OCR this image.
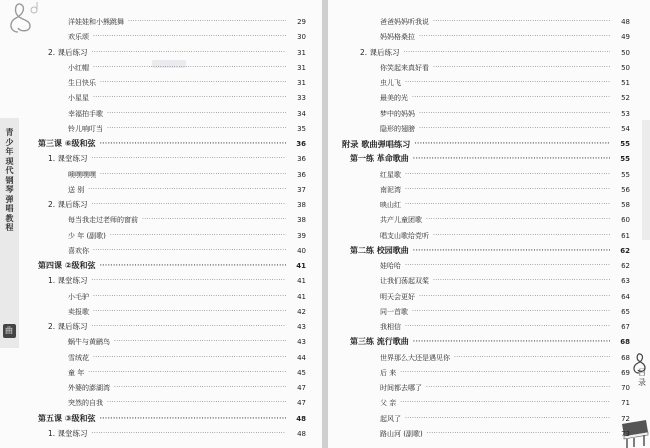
青少年现代钢琴弹唱教程
曲
洋娃娃和小熊跳舞 ·····	29
欢乐颂 ·····	30
2. 课后练习 ·····	31
小红帽 ·····	31
生日快乐 ·····	31
小星星 ·····	33
幸福拍手歌 ·····	34
铃儿响叮当 ·····	35
第三课 ⑥级和弦 ·····	36
1. 课堂练习 ·····	36
噢嘿嘿嘿 ·····	36
送 别 ·····	37
2. 课后练习 ·····	38
每当我走过老师的窗前 ·····	38
少 年 (副歌) ·····	39
喜欢你 ·····	40
第四课 ②级和弦 ·····	41
1. 课堂练习 ·····	41
小毛驴 ·····	41
卖报歌 ·····	42
2. 课后练习 ·····	43
蜗牛与黄鹂鸟 ·····	43
雪绒花 ·····	44
童 年 ·····	45
外婆的澎湖湾 ·····	47
突然的自我 ·····	47
第五课 ③级和弦 ·····	48
1. 课堂练习 ·····	48
目 录
爸爸妈妈听我说 ·····	48
妈妈格桑拉 ·····	49
2. 课后练习 ·····	50
你笑起来真好看 ·····	50
虫儿飞 ·····	51
最美的光 ·····	52
梦中的妈妈 ·····	53
隐形的翅膀 ·····	54
附录 歌曲弹唱练习 ·····	55
第一练 革命歌曲 ·····	55
红星歌 ·····	55
南泥湾 ·····	56
映山红 ·····	58
共产儿童团歌 ·····	60
唱支山歌给党听 ·····	61
第二练 校园歌曲 ·····	62
娃哈哈 ·····	62
让我们荡起双桨 ·····	63
明天会更好 ·····	64
同一首歌 ·····	65
我相信 ·····	67
第三练 流行歌曲 ·····	68
世界那么大还是遇见你 ·····	68
后 来 ·····	69
时间都去哪了 ·····	70
父 亲 ·····	71
起风了 ·····	72
路山河 (副歌) ·····	73
